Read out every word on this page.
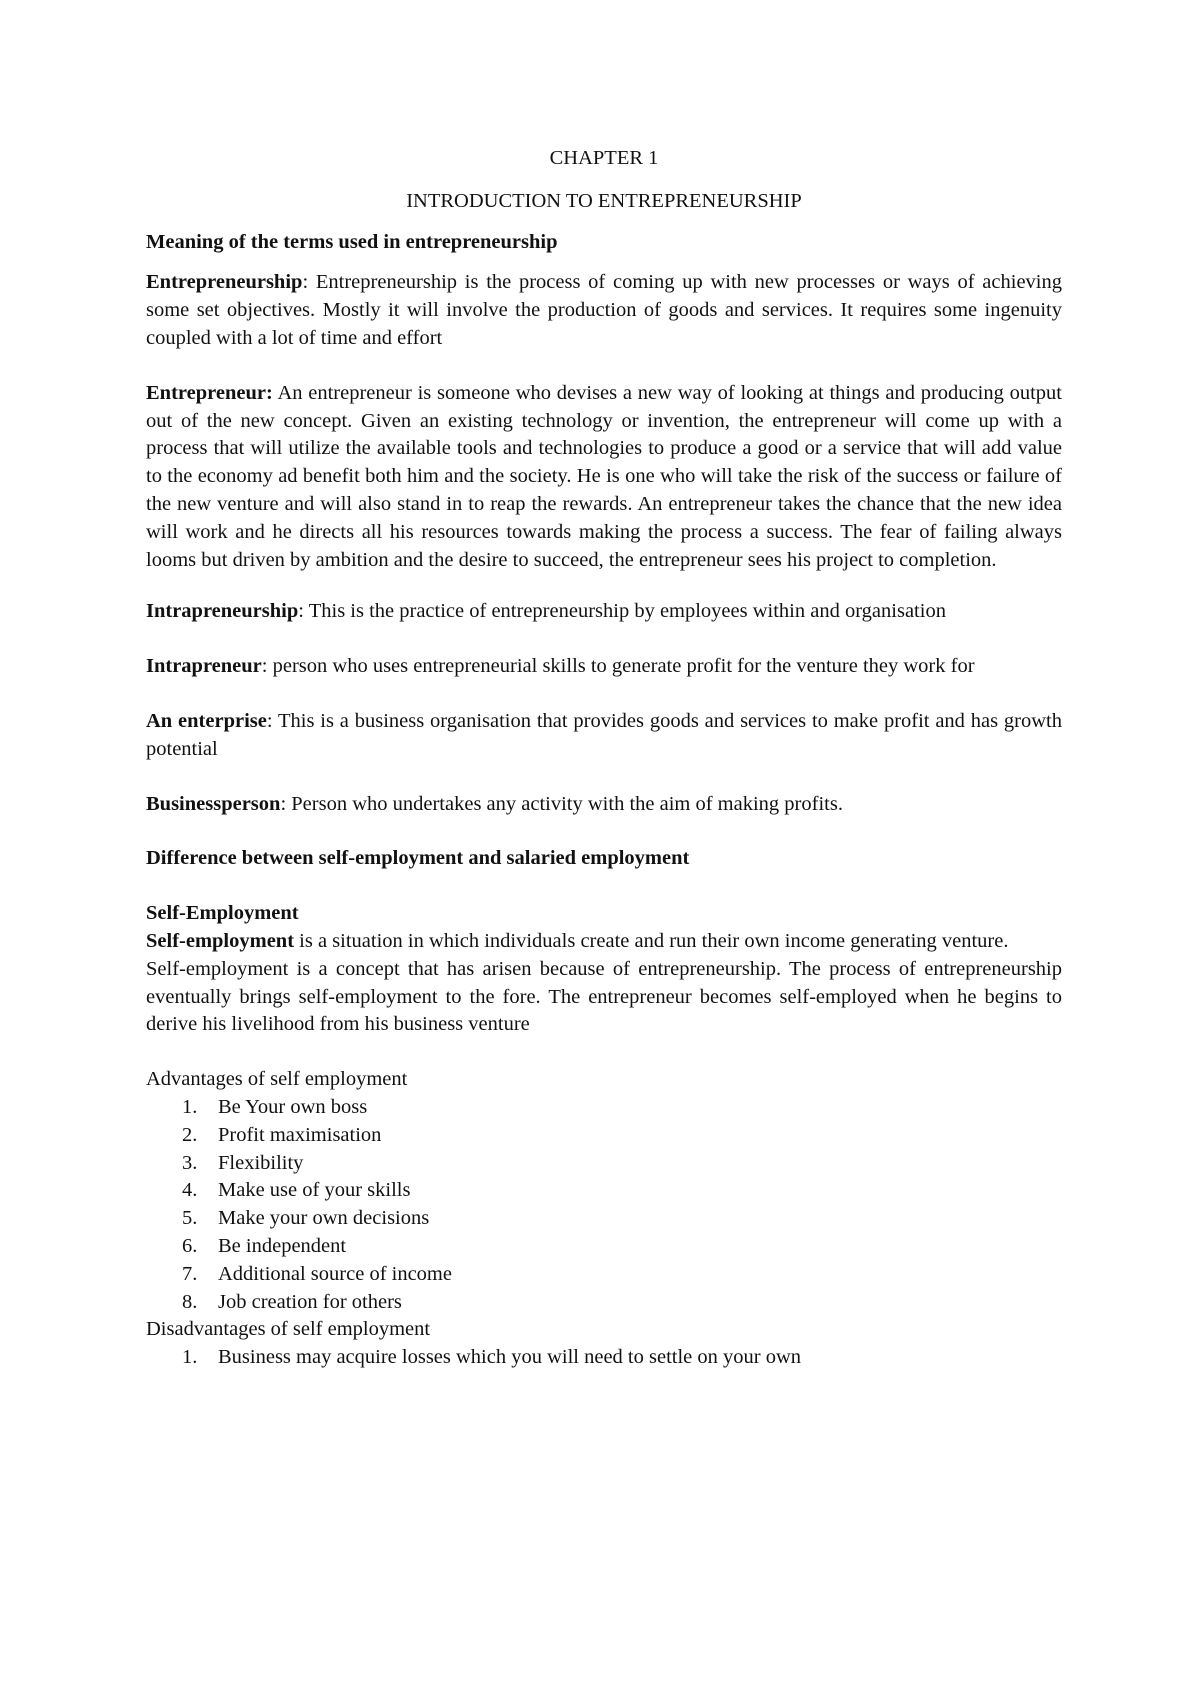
CHAPTER 1

INTRODUCTION TO ENTREPRENEURSHIP

Meaning of the terms used in entrepreneurship

Entrepreneurship: Entrepreneurship is the process of coming up with new processes or ways of achieving some set objectives. Mostly it will involve the production of goods and services. It requires some ingenuity coupled with a lot of time and effort

Entrepreneur: An entrepreneur is someone who devises a new way of looking at things and producing output out of the new concept. Given an existing technology or invention, the entrepreneur will come up with a process that will utilize the available tools and technologies to produce a good or a service that will add value to the economy ad benefit both him and the society. He is one who will take the risk of the success or failure of the new venture and will also stand in to reap the rewards. An entrepreneur takes the chance that the new idea will work and he directs all his resources towards making the process a success. The fear of failing always looms but driven by ambition and the desire to succeed, the entrepreneur sees his project to completion.

Intrapreneurship: This is the practice of entrepreneurship by employees within and organisation

Intrapreneur: person who uses entrepreneurial skills to generate profit for the venture they work for

An enterprise: This is a business organisation that provides goods and services to make profit and has growth potential

Businessperson: Person who undertakes any activity with the aim of making profits.

Difference between self-employment and salaried employment

Self-Employment

Self-employment is a situation in which individuals create and run their own income generating venture.

Self-employment is a concept that has arisen because of entrepreneurship. The process of entrepreneurship eventually brings self-employment to the fore. The entrepreneur becomes self-employed when he begins to derive his livelihood from his business venture

Advantages of self employment

1.	Be Your own boss
2.	Profit maximisation
3.	Flexibility
4.	Make use of your skills
5.	Make your own decisions
6.	Be independent
7.	Additional source of income
8.	Job creation for others

Disadvantages of self employment

1.	Business may acquire losses which you will need to settle on your own
